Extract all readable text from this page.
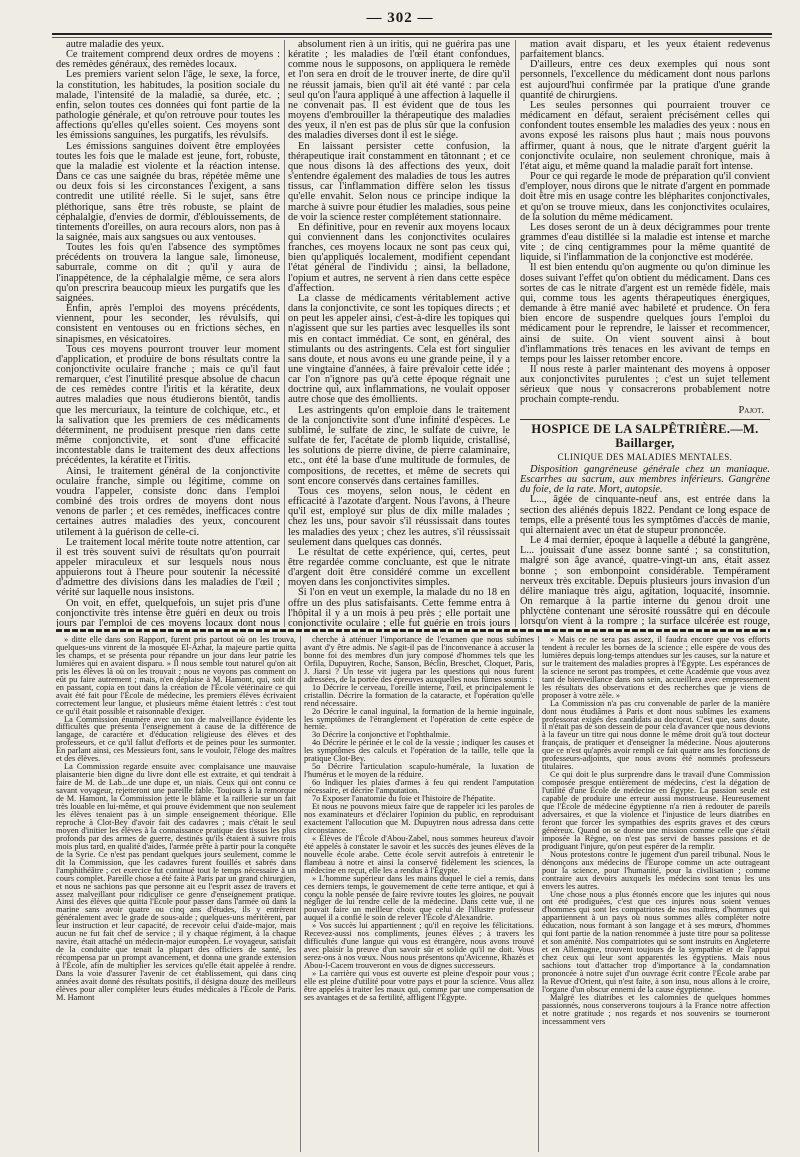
— 302 —

autre maladie des yeux.

Ce traitement comprend deux ordres de moyens : des remèdes généraux, des remèdes locaux.

Les premiers varient selon l'âge, le sexe, la force, la constitution, les habitudes, la position sociale du malade, l'intensité de la maladie, sa durée, etc. ; enfin, selon toutes ces données qui font partie de la pathologie générale, et qu'on retrouve pour toutes les affections qu'elles qu'elles soient. Ces moyens sont les émissions sanguines, les purgatifs, les révulsifs.

Les émissions sanguines doivent être employées toutes les fois que le malade est jeune, fort, robuste, que la maladie est violente et la réaction intense. Dans ce cas une saignée du bras, répétée même une ou deux fois si les circonstances l'exigent, a sans contredit une utilité réelle. Si le sujet, sans être pléthorique, sans être très robuste, se plaint de céphalalgie, d'envies de dormir, d'éblouissements, de tintements d'oreilles, on aura recours alors, non pas à la saignée, mais aux sangsues ou aux ventouses.

Toutes les fois qu'en l'absence des symptômes précédents on trouvera la langue sale, limoneuse, saburrale, comme on dit ; qu'il y aura de l'inappétence, de la céphalalgie même, ce sera alors qu'on prescrira beaucoup mieux les purgatifs que les saignées.

Enfin, après l'emploi des moyens précédents, viennent, pour les seconder, les révulsifs, qui consistent en ventouses ou en frictions sèches, en sinapismes, en vésicatoires.

Tous ces moyens pourront trouver leur moment d'application, et produire de bons résultats contre la conjonctivite oculaire franche ; mais ce qu'il faut remarquer, c'est l'inutilité presque absolue de chacun de ces remèdes contre l'iritis et la kératite, deux autres maladies que nous étudierons bientôt, tandis que les mercuriaux, la teinture de colchique, etc., et la salivation que les premiers de ces médicaments déterminent, ne produisent presque rien dans cette même conjonctivite, et sont d'une efficacité incontestable dans le traitement des deux affections précédentes, la kératite et l'iritis.

Ainsi, le traitement général de la conjonctivite oculaire franche, simple ou légitime, comme on voudra l'appeler, consiste donc dans l'emploi combiné des trois ordres de moyens dont nous venons de parler ; et ces remèdes, inefficaces contre certaines autres maladies des yeux, concourent utilement à la guérison de celle-ci.

Le traitement local mérite toute notre attention, car il est très souvent suivi de résultats qu'on pourrait appeler miraculeux et sur lesquels nous nous appuierons tout à l'heure pour soutenir la nécessité d'admettre des divisions dans les maladies de l'œil ; vérité sur laquelle nous insistons.

On voit, en effet, quelquefois, un sujet pris d'une conjonctivite très intense être guéri en deux ou trois jours par l'emploi de ces moyens locaux dont nous

absolument rien à un iritis, qui ne guérira pas une kératite ; les maladies de l'œil étant confondues, comme nous le supposons, on appliquera le remède et l'on sera en droit de le trouver inerte, de dire qu'il ne réussit jamais, bien qu'il ait été vanté : par cela seul qu'on l'aura appliqué à une affection à laquelle il ne convenait pas. Il est évident que de tous les moyens d'embrouiller la thérapeutique des maladies des yeux, il n'en est pas de plus sûr que la confusion des maladies diverses dont il est le siége.

En laissant persister cette confusion, la thérapeutique irait constamment en tâtonnant ; et ce que nous disons là des affections des yeux, doit s'entendre également des maladies de tous les autres tissus, car l'inflammation diffère selon les tissus qu'elle envahit. Selon nous ce principe indique la marche à suivre pour étudier les maladies, sous peine de voir la science rester complétement stationnaire.

En définitive, pour en revenir aux moyens locaux qui conviennent dans les conjonctivites oculaires franches, ces moyens locaux ne sont pas ceux qui, bien qu'appliqués localement, modifient cependant l'état général de l'individu ; ainsi, la belladone, l'opium et autres, ne servent à rien dans cette espèce d'affection.

La classe de médicaments véritablement active dans la conjonctivite, ce sont les topiques directs ; et on peut les appeler ainsi, c'est-à-dire les topiques qui n'agissent que sur les parties avec lesquelles ils sont mis en contact immédiat. Ce sont, en général, des stimulants ou des astringents. Cela est fort singulier sans doute, et nous avons eu une grande peine, il y a une vingtaine d'années, à faire prévaloir cette idée ; car l'on n'ignore pas qu'à cette époque régnait une doctrine qui, aux inflammations, ne voulait opposer autre chose que des émollients.

Les astringents qu'on emploie dans le traitement de la conjonctivite sont d'une infinité d'espèces. Le sublimé, le sulfate de zinc, le sulfate de cuivre, le sulfate de fer, l'acétate de plomb liquide, cristallisé, les solutions de pierre divine, de pierre calaminaire, etc., ont été la base d'une multitude de formules, de compositions, de recettes, et même de secrets qui sont encore conservés dans certaines familles.

Tous ces moyens, selon nous, le cèdent en efficacité à l'azotate d'argent. Nous l'avons, à l'heure qu'il est, employé sur plus de dix mille malades ; chez les uns, pour savoir s'il réussissait dans toutes les maladies des yeux ; chez les autres, s'il réussissait seulement dans quelques cas donnés.

Le résultat de cette expérience, qui, certes, peut être regardée comme concluante, est que le nitrate d'argent doit être considéré comme un excellent moyen dans les conjonctivites simples.

Si l'on en veut un exemple, la malade du no 18 en offre un des plus satisfaisants. Cette femme entra à l'hôpital il y a un mois à peu près ; elle portait une conjonctivite oculaire ; elle fut guérie en trois jours

mation avait disparu, et les yeux étaient redevenus parfaitement blancs.

D'ailleurs, entre ces deux exemples qui nous sont personnels, l'excellence du médicament dont nous parlons est aujourd'hui confirmée par la pratique d'une grande quantité de chirurgiens.

Les seules personnes qui pourraient trouver ce médicament en défaut, seraient précisément celles qui confondent toutes ensemble les maladies des yeux : nous en avons exposé les raisons plus haut ; mais nous pouvons affirmer, quant à nous, que le nitrate d'argent guérit la conjonctivite oculaire, non seulement chronique, mais à l'état aigu, et même quand la maladie paraît fort intense.

Pour ce qui regarde le mode de préparation qu'il convient d'employer, nous dirons que le nitrate d'argent en pommade doit être mis en usage contre les blépharites conjonctivales, et qu'on se trouve mieux, dans les conjonctivites oculaires, de la solution du même médicament.

Les doses seront de un à deux décigrammes pour trente grammes d'eau distillée si la maladie est intense et marche vite ; de cinq centigrammes pour la même quantité de liquide, si l'inflammation de la conjonctive est modérée.

Il est bien entendu qu'on augmente ou qu'on diminue les doses suivant l'effet qu'on obtient du médicament. Dans ces sortes de cas le nitrate d'argent est un remède fidèle, mais qui, comme tous les agents thérapeutiques énergiques, demande à être manié avec habileté et prudence. On fera bien encore de suspendre quelques jours l'emploi du médicament pour le reprendre, le laisser et recommencer, ainsi de suite. On vient souvent ainsi à bout d'inflammations très tenaces en les avivant de temps en temps pour les laisser retomber encore.

Il nous reste à parler maintenant des moyens à opposer aux conjonctivites purulentes ; c'est un sujet tellement sérieux que nous y consacrerons probablement notre prochain compte-rendu.

Pajot.
HOSPICE DE LA SALPÊTRIÈRE.—M. Baillarger,
CLINIQUE DES MALADIES MENTALES.

Disposition gangréneuse générale chez un maniaque. Escarrhes au sacrum, aux membres inférieurs. Gangrène du foie, de la rate. Mort, autopsie.

L..., âgée de cinquante-neuf ans, est entrée dans la section des aliénés depuis 1822. Pendant ce long espace de temps, elle a présenté tous les symptômes d'accès de manie, qui alternaient avec un état de stupeur prononcée.

Le 4 mai dernier, époque à laquelle a débuté la gangrène, L... jouissait d'une assez bonne santé ; sa constitution, malgré son âge avancé, quatre-vingt-un ans, était assez bonne ; son embonpoint considérable. Tempérament nerveux très excitable. Depuis plusieurs jours invasion d'un délire maniaque très aigu, agitation, loquacité, insomnie. On remarque à la partie interne du genou droit une phlyctène contenant une sérosité roussâtre qui en découle lorsqu'on vient à la rompre ; la surface ulcérée est rouge,

» ditte elle dans son Rapport, furent pris partout où on les trouva, quelques-uns vinrent de la mosquée El-Azhar, la majeure partie quitta les champs, et se présenta pour répandre un jour dans leur patrie les lumières qui en avaient disparu. » Il nous semble tout naturel qu'on ait pris les élèves là où on les trouvait ; nous ne voyons pas comment on eût pu faire autrement ; mais, n'en déplaise à M. Hamont, qui, soit dit en passant, copia en tout dans la création de l'École vétérinaire ce qui avait été fait pour l'École de médecine, les premiers élèves écrivaient correctement leur langue, et plusieurs même étaient lettrés : c'est tout ce qu'il était possible et raisonnable d'exiger.

La Commission énumère avec un ton de malveillance évidente les difficultés que présenta l'enseignement à cause de la différence de langage, de caractère et d'éducation religieuse des élèves et des professeurs, et ce qu'il fallut d'efforts et de peines pour les surmonter. En parlant ainsi, ces Messieurs font, sans le vouloir, l'éloge des maîtres et des élèves.

La Commission regarde ensuite avec complaisance une mauvaise plaisanterie bien digne du livre dont elle est extraite, et qui tendrait à faire de M. de Lab...de une dupe et, un niais. Ceux qui ont connu ce savant voyageur, rejetteront une pareille fable. Toujours à la remorque de M. Hamont, la Commission jette le blâme et la raillerie sur un fait très louable en lui-même, et qui prouve évidemment que non seulement les élèves tenaient pas à un simple enseignement théorique. Elle reproche à Clot-Bey d'avoir fait des cadavres ; mais c'était le seul moyen d'initier les élèves à la connaissance pratique des tissus les plus profonds par des armes de guerre, destinés qu'ils étaient à suivre trois mois plus tard, en qualité d'aides, l'armée prête à partir pour la conquête de la Syrie. Ce n'est pas pendant quelques jours seulement, comme le dit la Commission, que les cadavres furent fouillés et sabrés dans l'amphithéâtre ; cet exercice fut continué tout le temps nécessaire à un cours complet. Pareille chose a été faite à Paris par un grand chirurgien, et nous ne sachions pas que personne ait eu l'esprit assez de travers et assez malveillant pour ridiculiser ce genre d'enseignement pratique. Ainsi des élèves que quitta l'École pour passer dans l'armée où dans la marine sans avoir quatre ou cinq ans d'études, ils y entrèrent généralement avec le grade de sous-aide ; quelques-uns méritèrent, par leur instruction et leur capacité, de recevoir celui d'aide-major, mais aucun ne fut fait chef de service ; il y chaque régiment, à la chaque navire, était attaché un médecin-major européen. Le voyageur, satisfait de la conduite que tenait la plupart des officiers de santé, les récompensa par un prompt avancement, et donna une grande extension à l'École, afin de multiplier les services qu'elle était appelée à rendre. Dans la voie d'assurer l'avenir de cet établissement, qui dans cinq années avait donné des résultats positifs, il désigna douze des meilleurs élèves pour aller compléter leurs études médicales à l'École de Paris. M. Hamont

cherche à atténuer l'importance de l'examen que nous subîmes avant d'y être admis. Ne s'agit-il pas de l'inconvenance à accuser la bonne foi des membres d'un jury composé d'hommes tels que les Orfila, Dupuytren, Roche, Sanson, Béclin, Breschet, Cloquet, Paris, J. Jiarsi ? Un tesse vit jugera par les questions qui nous furent adressées, de la portée des épreuves auxquelles nous fûmes soumis :

1o Décrire le cerveau, l'oreille interne, l'œil, et principalement le cristallin. Décrire la formation de la cataracte, et l'opération qu'elle rend nécessaire.

2o Décrire le canal inguinal, la formation de la hernie inguinale, les symptômes de l'étranglement et l'opération de cette espèce de hernie.

3o Décrire la conjonctive et l'ophthalmie.

4o Décrire le périnée et le col de la vessie ; indiquer les causes et les symptômes des calculs et l'opération de la taille, telle que la pratique Clot-Bey.

5o Décrire l'articulation scapulo-humérale, la luxation de l'humérus et le moyen de la réduire.

6o Indiquer les plaies d'armes à feu qui rendent l'amputation nécessaire, et décrire l'amputation.

7o Exposer l'anatomie du foie et l'histoire de l'hépatite.

Et nous ne pouvons mieux faire que de rappeler ici les paroles de nos examinateurs et d'éclairer l'opinion du public, en reproduisant exactement l'allocution que M. Dupuytren nous adressa dans cette circonstance.

« Élèves de l'École d'Abou-Zabel, nous sommes heureux d'avoir été appelés à constater le savoir et les succès des jeunes élèves de la nouvelle école arabe. Cette école servit autrefois à entretenir le flambeau à notre et ainsi la conservé fidèlement les sciences, la médecine en reçut, elle les a rendus à l'Égypte.

» L'homme supérieur dans les mains duquel le ciel a remis, dans ces derniers temps, le gouvernement de cette terre antique, et qui à conçu la noble pensée de faire revivre toutes les gloires, ne pouvait négliger de lui rendre celle de la médecine. Dans cette vue, il ne pouvait faire un meilleur choix que celui de l'illustre professeur auquel il a confié le soin de relever l'École d'Alexandrie.

» Vos succès lui appartiennent ; qu'il en reçoive les félicitations. Recevez-aussi nos compliments, jeunes élèves ; à travers les difficultés d'une langue qui vous est étrangère, nous avons trouvé avec plaisir la preuve d'un savoir sûr et solide qu'il ne doit. Vous serez-ons à nos vœux. Nous nous présentons qu'Avicenne, Rhazès et Abou-l-Cacem trouveront en vous de dignes successeurs.

» La carrière qui vous est ouverte est pleine d'espoir pour vous ; elle est pleine d'utilité pour votre pays et pour la science. Vous allez être appelés à traiter les maux qui, comme par une compensation de ses avantages et de sa fertilité, affligent l'Égypte.

» Mais ce ne sera pas assez, il faudra encore que vos efforts tendent à reculer les bornes de la science ; elle espère de vous des lumières depuis long-temps attendues sur les causes, sur la nature et sur le traitement des maladies propres à l'Égypte. Les espérances de la science ne seront pas trompées, et cette Académie que vous avez tant de bienveillance dans son sein, accueillera avec empressement les résultats des observations et des recherches que je viens de proposer à votre zèle. »

La Commission n'a pas cru convenable de parler de la manière dont nous étudiâmes à Paris et dont nous subîmes les examens professorat exigés des candidats au doctorat. C'est que, sans doute, il n'était pas de son dessein de pour cela d'avancer que nous devions à la faveur un titre qui nous donne le même droit qu'à tout docteur français, de pratiquer et d'enseigner la médecine. Nous ajouterons que ce n'est qu'après avoir rempli ce fait quatre ans les fonctions de professeurs-adjoints, que nous avons été nommés professeurs titulaires.

Ce qui doit le plus surprendre dans le travail d'une Commission composée presque entièrement de médecins, c'est la dégation de l'utilité d'une École de médecine en Égypte. La passion seule est capable de produire une erreur aussi monstrueuse. Heureusement que l'École de médecine égyptienne n'a rien à redouter de pareils adversaires, et que la violence et l'injustice de leurs diatribes en feront que forcer les sympathies des esprits graves et des cœurs généreux. Quand on se donne une mission comme celle que s'était imposée la Règne, on n'est pas servi de basses passions et de prodiguant l'injure, qu'on peut espérer de la remplir.

Nous protestons contre le jugement d'un pareil tribunal. Nous le dénonçons aux médecins de l'Europe comme un acte outrageant pour la science, pour l'humanité, pour la civilisation ; comme contraire aux devoirs auxquels les médecins sont tenus les uns envers les autres.

Une chose nous a plus étonnés encore que les injures qui nous ont été prodiguées, c'est que ces injures nous soient venues d'hommes qui sont les compatriotes de nos maîtres, d'hommes qui appartiennent à un pays où nous sommes allés compléter notre éducation, nous formant à son langage et à ses mœurs, d'hommes qui font partie de la nation renommée à juste titre pour sa politesse et son aménité. Nos compatriotes qui se sont instruits en Angleterre et en Allemagne, trouvent toujours de la sympathie et de l'appui chez ceux qui leur sont apparentés les égyptiens. Mais nous sachions tout d'attacher trop d'importance à la condamnation prononcée à notre sujet d'un ouvrage écrit contre l'École arabe par la Revue d'Orient, qui n'est faite, à son insu, nous allons à le croire, l'organe d'un obscur ennemi de la cause égyptienne.

Malgré les diatribes et les calomnies de quelques hommes passionnés, nous conserverons toujours à la France notre affection et notre gratitude ; nos regards et nos souvenirs se tourneront incessamment vers
